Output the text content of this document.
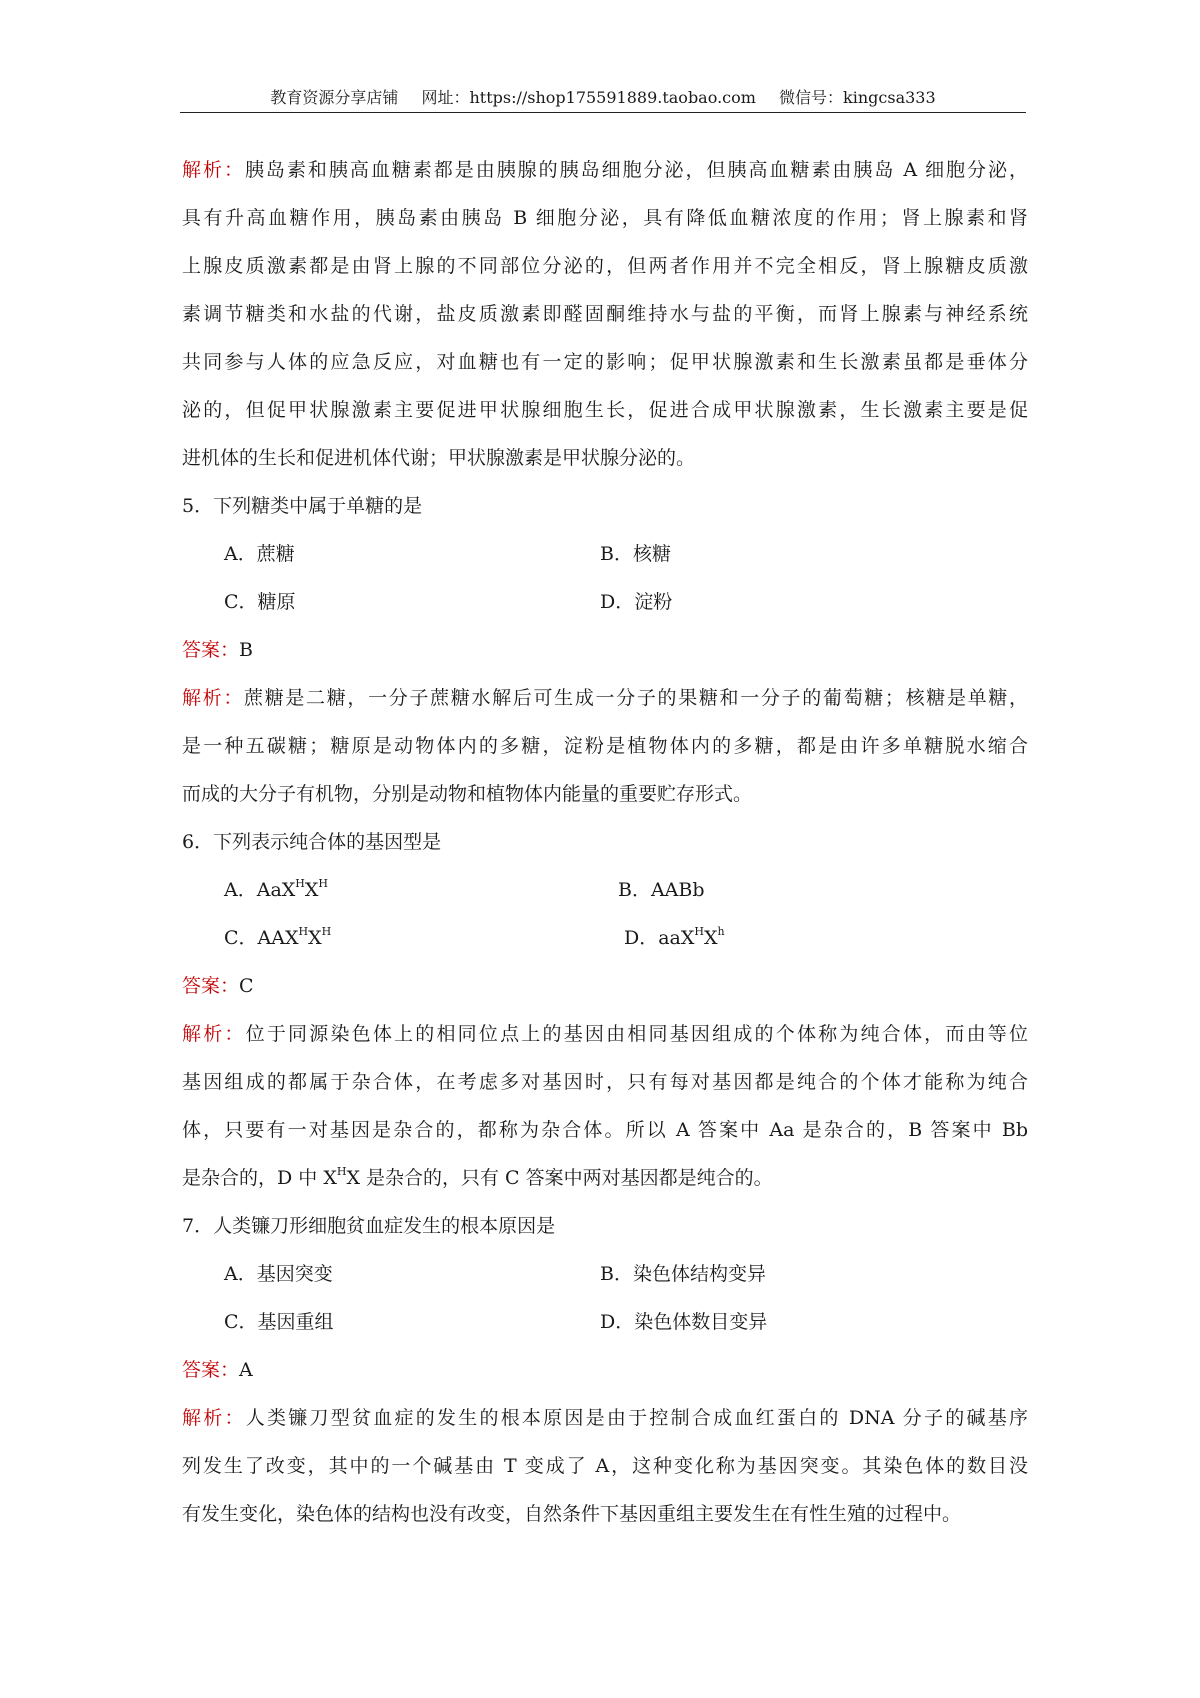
教育资源分享店铺 网址：https://shop175591889.taobao.com 微信号：kingcsa333
解析：胰岛素和胰高血糖素都是由胰腺的胰岛细胞分泌，但胰高血糖素由胰岛 A 细胞分泌，
具有升高血糖作用，胰岛素由胰岛 B 细胞分泌，具有降低血糖浓度的作用；肾上腺素和肾
上腺皮质激素都是由肾上腺的不同部位分泌的，但两者作用并不完全相反，肾上腺糖皮质激
素调节糖类和水盐的代谢，盐皮质激素即醛固酮维持水与盐的平衡，而肾上腺素与神经系统
共同参与人体的应急反应，对血糖也有一定的影响；促甲状腺激素和生长激素虽都是垂体分
泌的，但促甲状腺激素主要促进甲状腺细胞生长，促进合成甲状腺激素，生长激素主要是促
进机体的生长和促进机体代谢；甲状腺激素是甲状腺分泌的。
5．下列糖类中属于单糖的是
A．蔗糖	B．核糖
C．糖原	D．淀粉
答案：B
解析：蔗糖是二糖，一分子蔗糖水解后可生成一分子的果糖和一分子的葡萄糖；核糖是单糖，
是一种五碳糖；糖原是动物体内的多糖，淀粉是植物体内的多糖，都是由许多单糖脱水缩合
而成的大分子有机物，分别是动物和植物体内能量的重要贮存形式。
6．下列表示纯合体的基因型是
A．$AaX^HX^H$	B．AABb
C．$AAX^HX^H$	D．$aaX^HX^h$
答案：C
解析：位于同源染色体上的相同位点上的基因由相同基因组成的个体称为纯合体，而由等位
基因组成的都属于杂合体，在考虑多对基因时，只有每对基因都是纯合的个体才能称为纯合
体，只要有一对基因是杂合的，都称为杂合体。所以 A 答案中 Aa 是杂合的，B 答案中 Bb
是杂合的，D 中 $X^HX$ 是杂合的，只有 C 答案中两对基因都是纯合的。
7．人类镰刀形细胞贫血症发生的根本原因是
A．基因突变	B．染色体结构变异
C．基因重组	D．染色体数目变异
答案：A
解析：人类镰刀型贫血症的发生的根本原因是由于控制合成血红蛋白的 DNA 分子的碱基序
列发生了改变，其中的一个碱基由 T 变成了 A，这种变化称为基因突变。其染色体的数目没
有发生变化，染色体的结构也没有改变，自然条件下基因重组主要发生在有性生殖的过程中。
